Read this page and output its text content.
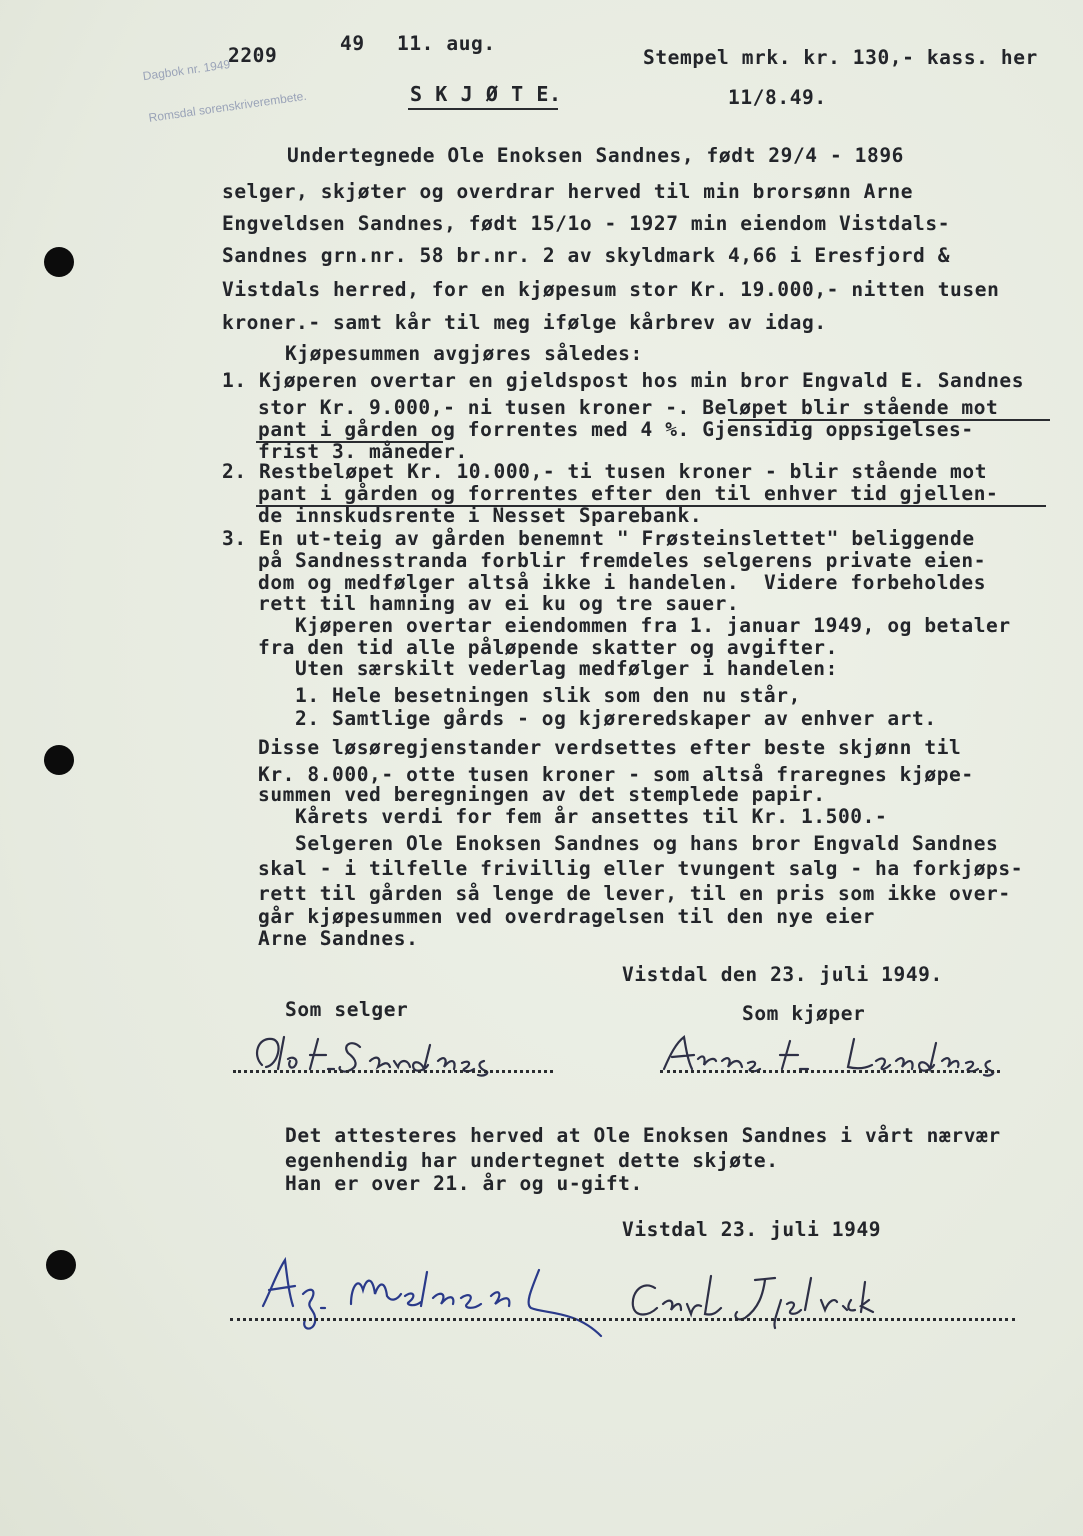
Dagbok nr. 1949

Romsdal sorenskriverembete.

2209
49 11. aug.
Stempel mrk. kr. 130,- kass. her
11/8.49.
S K J Ø T E.
Undertegnede Ole Enoksen Sandnes, født 29/4 - 1896
selger, skjøter og overdrar herved til min brorsønn Arne
Engveldsen Sandnes, født 15/1o - 1927 min eiendom Vistdals-
Sandnes grn.nr. 58 br.nr. 2 av skyldmark 4,66 i Eresfjord &
Vistdals herred, for en kjøpesum stor Kr. 19.000,- nitten tusen
kroner.- samt kår til meg ifølge kårbrev av idag.
Kjøpesummen avgjøres således:
1. Kjøperen overtar en gjeldspost hos min bror Engvald E. Sandnes
stor Kr. 9.000,- ni tusen kroner -. Beløpet blir stående mot
pant i gården og forrentes med 4 %. Gjensidig oppsigelses-
frist 3. måneder.
2. Restbeløpet Kr. 10.000,- ti tusen kroner - blir stående mot
pant i gården og forrentes efter den til enhver tid gjellen-
de innskudsrente i Nesset Sparebank.
3. En ut-teig av gården benemnt " Frøsteinslettet" beliggende
på Sandnesstranda forblir fremdeles selgerens private eien-
dom og medfølger altså ikke i handelen.  Videre forbeholdes
rett til hamning av ei ku og tre sauer.
Kjøperen overtar eiendommen fra 1. januar 1949, og betaler
fra den tid alle påløpende skatter og avgifter.
Uten særskilt vederlag medfølger i handelen:
1. Hele besetningen slik som den nu står,
2. Samtlige gårds - og kjøreredskaper av enhver art.
Disse løsøregjenstander verdsettes efter beste skjønn til
Kr. 8.000,- otte tusen kroner - som altså fraregnes kjøpe-
summen ved beregningen av det stemplede papir.
Kårets verdi for fem år ansettes til Kr. 1.500.-
Selgeren Ole Enoksen Sandnes og hans bror Engvald Sandnes
skal - i tilfelle frivillig eller tvungent salg - ha forkjøps-
rett til gården så lenge de lever, til en pris som ikke over-
går kjøpesummen ved overdragelsen til den nye eier
Arne Sandnes.
Vistdal den 23. juli 1949.
Som selger	Som kjøper
Det attesteres herved at Ole Enoksen Sandnes i vårt nærvær
egenhendig har undertegnet dette skjøte.
Han er over 21. år og u-gift.
Vistdal 23. juli 1949
